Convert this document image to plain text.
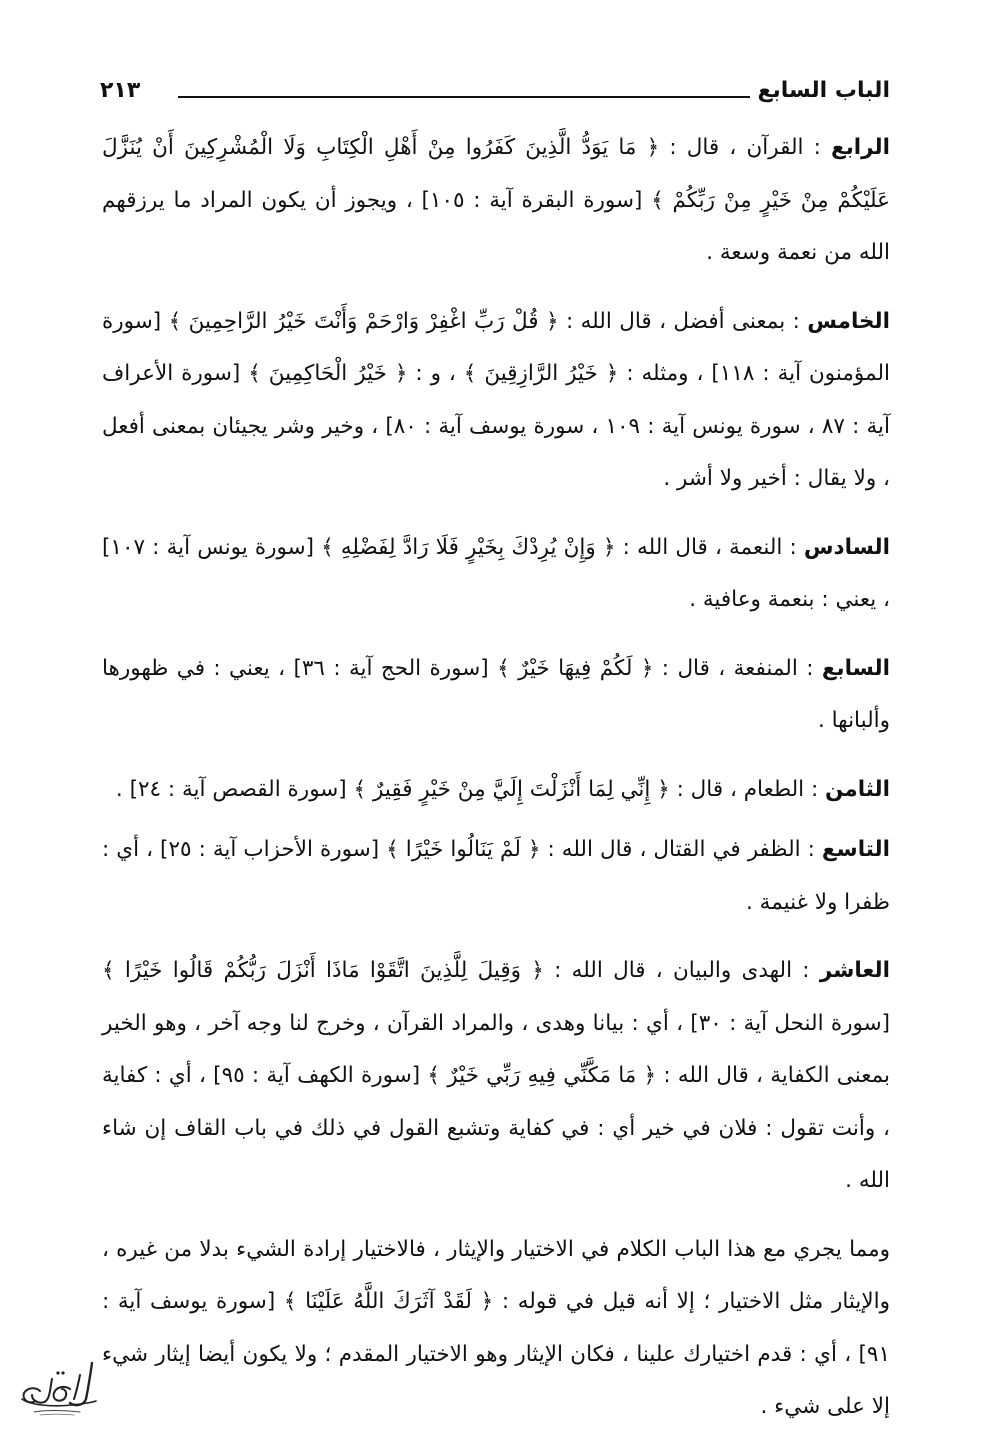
الباب السابع
٢١٣

الرابع : القرآن ، قال : ﴿ مَا يَوَدُّ الَّذِينَ كَفَرُوا مِنْ أَهْلِ الْكِتَابِ وَلَا الْمُشْرِكِينَ أَنْ يُنَزَّلَ عَلَيْكُمْ مِنْ خَيْرٍ مِنْ رَبِّكُمْ ﴾ [سورة البقرة آية : ١٠٥] ، ويجوز أن يكون المراد ما يرزقهم الله من نعمة وسعة .

الخامس : بمعنى أفضل ، قال الله : ﴿ قُلْ رَبِّ اغْفِرْ وَارْحَمْ وَأَنْتَ خَيْرُ الرَّاحِمِينَ ﴾ [سورة المؤمنون آية : ١١٨] ، ومثله : ﴿ خَيْرُ الرَّازِقِينَ ﴾ ، و : ﴿ خَيْرُ الْحَاكِمِينَ ﴾ [سورة الأعراف آية : ٨٧ ، سورة يونس آية : ١٠٩ ، سورة يوسف آية : ٨٠] ، وخير وشر يجيئان بمعنى أفعل ، ولا يقال : أخير ولا أشر .

السادس : النعمة ، قال الله : ﴿ وَإِنْ يُرِدْكَ بِخَيْرٍ فَلَا رَادَّ لِفَضْلِهِ ﴾ [سورة يونس آية : ١٠٧] ، يعني : بنعمة وعافية .

السابع : المنفعة ، قال : ﴿ لَكُمْ فِيهَا خَيْرٌ ﴾ [سورة الحج آية : ٣٦] ، يعني : في ظهورها وألبانها .

الثامن : الطعام ، قال : ﴿ إِنِّي لِمَا أَنْزَلْتَ إِلَيَّ مِنْ خَيْرٍ فَقِيرٌ ﴾ [سورة القصص آية : ٢٤] .

التاسع : الظفر في القتال ، قال الله : ﴿ لَمْ يَنَالُوا خَيْرًا ﴾ [سورة الأحزاب آية : ٢٥] ، أي : ظفرا ولا غنيمة .

العاشر : الهدى والبيان ، قال الله : ﴿ وَقِيلَ لِلَّذِينَ اتَّقَوْا مَاذَا أَنْزَلَ رَبُّكُمْ قَالُوا خَيْرًا ﴾ [سورة النحل آية : ٣٠] ، أي : بيانا وهدى ، والمراد القرآن ، وخرج لنا وجه آخر ، وهو الخير بمعنى الكفاية ، قال الله : ﴿ مَا مَكَّنِّي فِيهِ رَبِّي خَيْرٌ ﴾ [سورة الكهف آية : ٩٥] ، أي : كفاية ، وأنت تقول : فلان في خير أي : في كفاية وتشبع القول في ذلك في باب القاف إن شاء الله .

ومما يجري مع هذا الباب الكلام في الاختيار والإيثار ، فالاختيار إرادة الشيء بدلا من غيره ، والإيثار مثل الاختيار ؛ إلا أنه قيل في قوله : ﴿ لَقَدْ آثَرَكَ اللَّهُ عَلَيْنَا ﴾ [سورة يوسف آية : ٩١] ، أي : قدم اختيارك علينا ، فكان الإيثار وهو الاختيار المقدم ؛ ولا يكون أيضا إيثار شيء إلا على شيء .
